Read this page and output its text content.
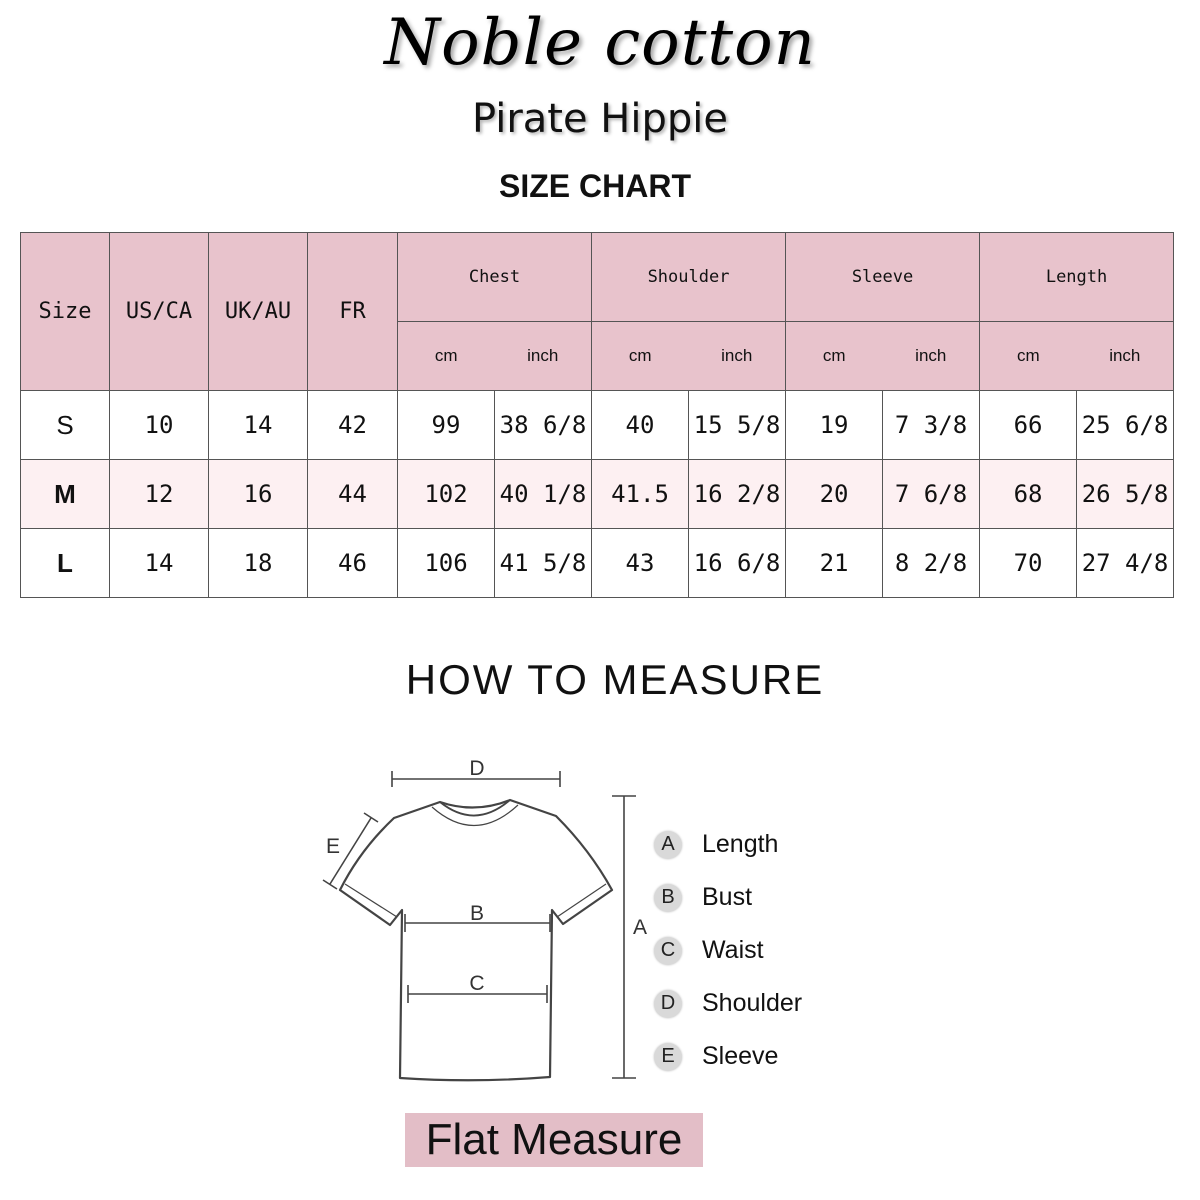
Noble cotton
Pirate Hippie
SIZE CHART
Size	US/CA	UK/AU	FR	Chest		Shoulder		Sleeve		Length	
				cm	inch	cm	inch	cm	inch	cm	inch
S	10	14	42	99	38 6/8	40	15 5/8	19	7 3/8	66	25 6/8
M	12	16	44	102	40 1/8	41.5	16 2/8	20	7 6/8	68	26 5/8
L	14	18	46	106	41 5/8	43	16 6/8	21	8 2/8	70	27 4/8
HOW TO MEASURE
D
B
C
A
E	A Length
B Bust
C Waist
D Shoulder
E Sleeve
Flat Measure
